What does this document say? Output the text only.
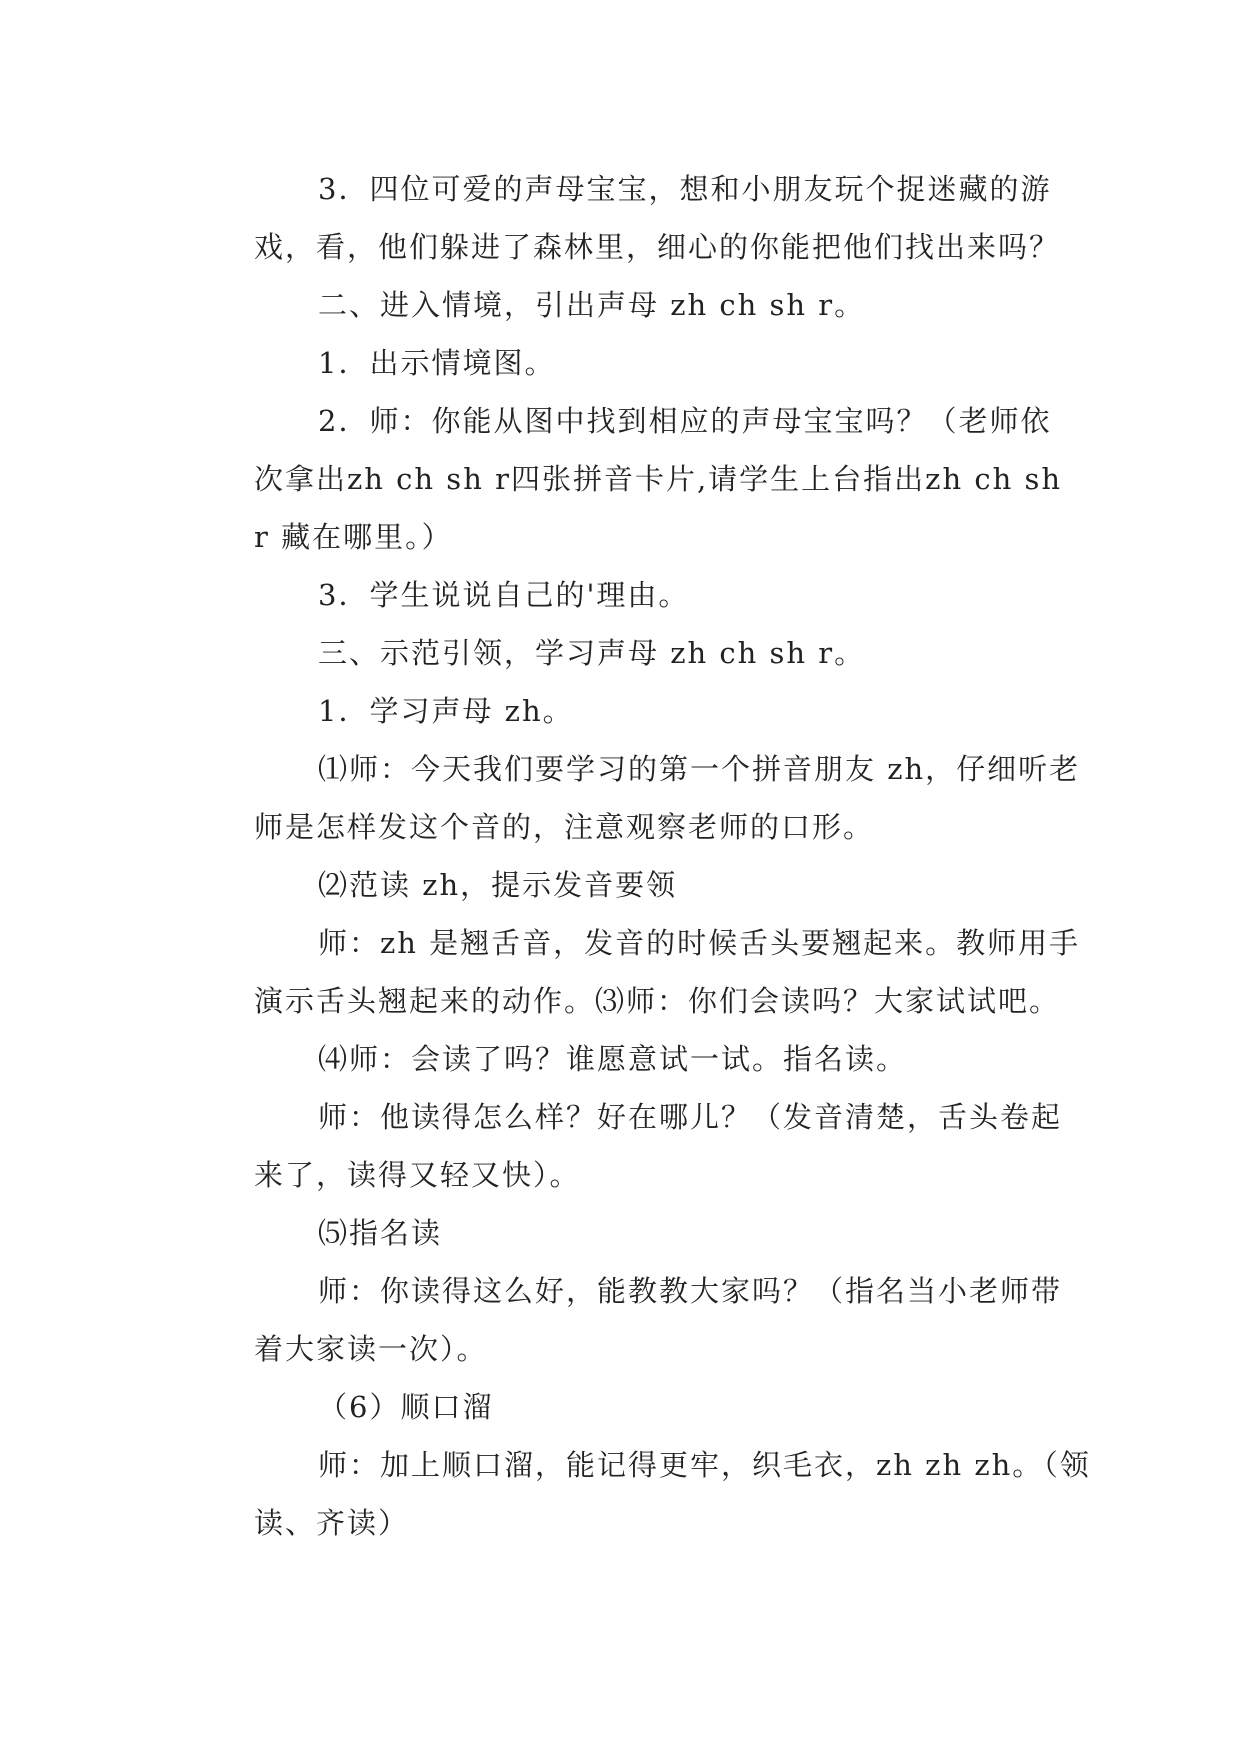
3．四位可爱的声母宝宝，想和小朋友玩个捉迷藏的游
戏，看，他们躲进了森林里，细心的你能把他们找出来吗？
二、进入情境，引出声母 zh ch sh r。
1．出示情境图。
2．师：你能从图中找到相应的声母宝宝吗？（老师依
次拿出zh ch sh r四张拼音卡片,请学生上台指出zh ch sh
r 藏在哪里。）
3．学生说说自己的'理由。
三、示范引领，学习声母 zh ch sh r。
1．学习声母 zh。
⑴师：今天我们要学习的第一个拼音朋友 zh，仔细听老
师是怎样发这个音的，注意观察老师的口形。
⑵范读 zh，提示发音要领
师：zh 是翘舌音，发音的时候舌头要翘起来。教师用手
演示舌头翘起来的动作。⑶师：你们会读吗？大家试试吧。
⑷师：会读了吗？谁愿意试一试。指名读。
师：他读得怎么样？好在哪儿？（发音清楚，舌头卷起
来了，读得又轻又快）。
⑸指名读
师：你读得这么好，能教教大家吗？（指名当小老师带
着大家读一次）。
（6）顺口溜
师：加上顺口溜，能记得更牢，织毛衣，zh zh zh。（领
读、齐读）
